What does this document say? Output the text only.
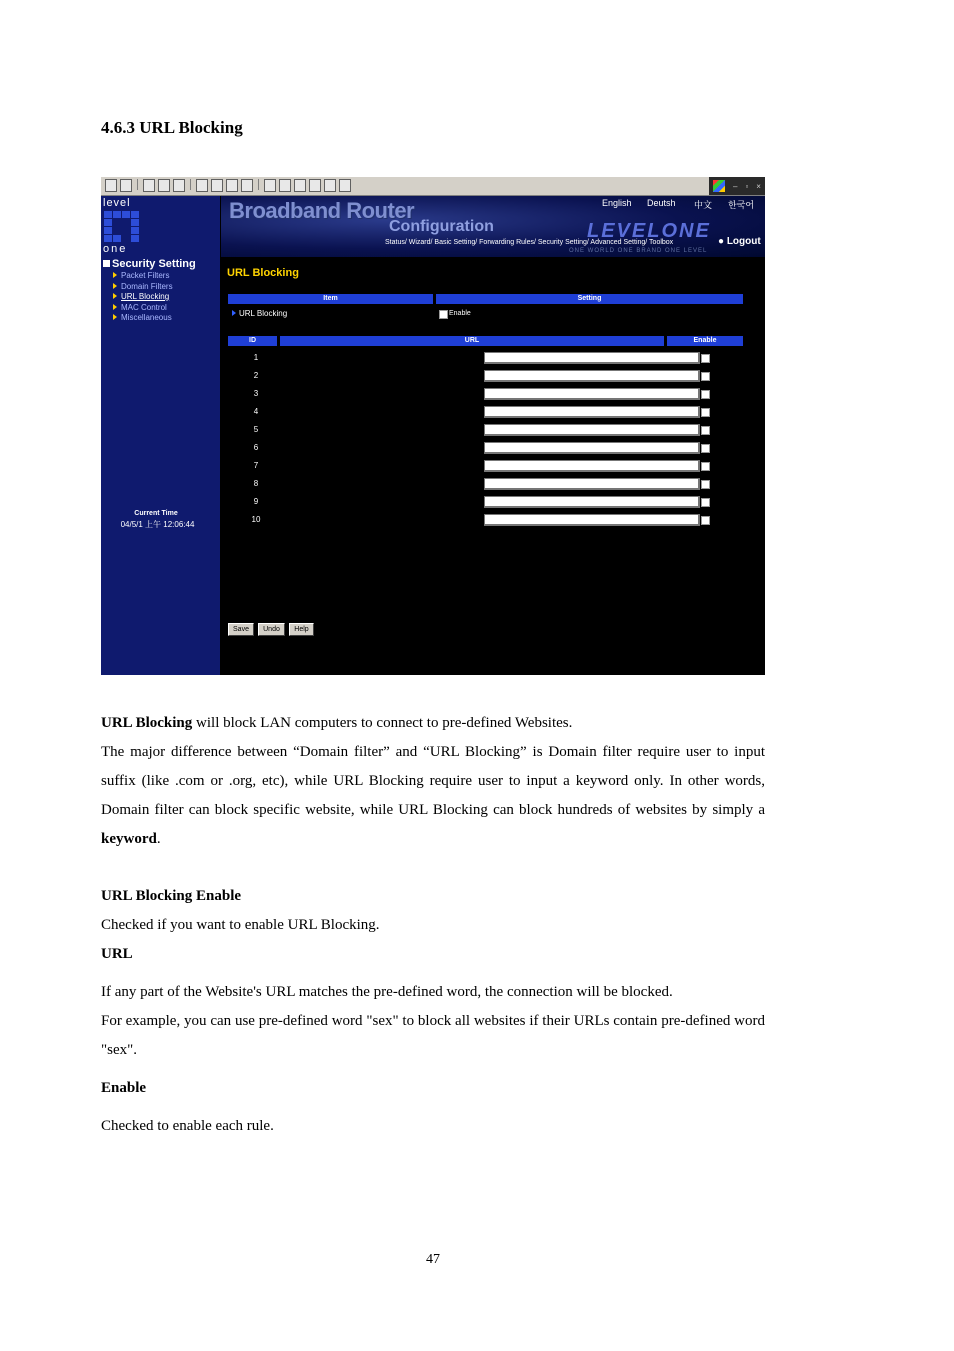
4.6.3 URL Blocking
– ▫ ×
level
one
Security Setting
Packet Filters
Domain Filters
URL Blocking
MAC Control
Miscellaneous
Current Time
04/5/1 上午 12:06:44
Broadband Router
Configuration
English Deutsh 中文 한국어
LEVELONE
Status/ Wizard/ Basic Setting/ Forwarding Rules/ Security Setting/ Advanced Setting/ Toolbox	● Logout
ONE WORLD ONE BRAND ONE LEVEL
URL Blocking
Item	Setting
URL Blocking	Enable
ID	URL	Enable
1
2
3
4
5
6
7
8
9
10
Save	Undo	Help

URL Blocking will block LAN computers to connect to pre-defined Websites.

The major difference between “Domain filter” and “URL Blocking” is Domain filter require user to input suffix (like .com or .org, etc), while URL Blocking require user to input a keyword only. In other words, Domain filter can block specific website, while URL Blocking can block hundreds of websites by simply a keyword.

URL Blocking Enable

Checked if you want to enable URL Blocking.

URL

If any part of the Website's URL matches the pre-defined word, the connection will be blocked.

For example, you can use pre-defined word "sex" to block all websites if their URLs contain pre-defined word "sex".

Enable

Checked to enable each rule.

47
